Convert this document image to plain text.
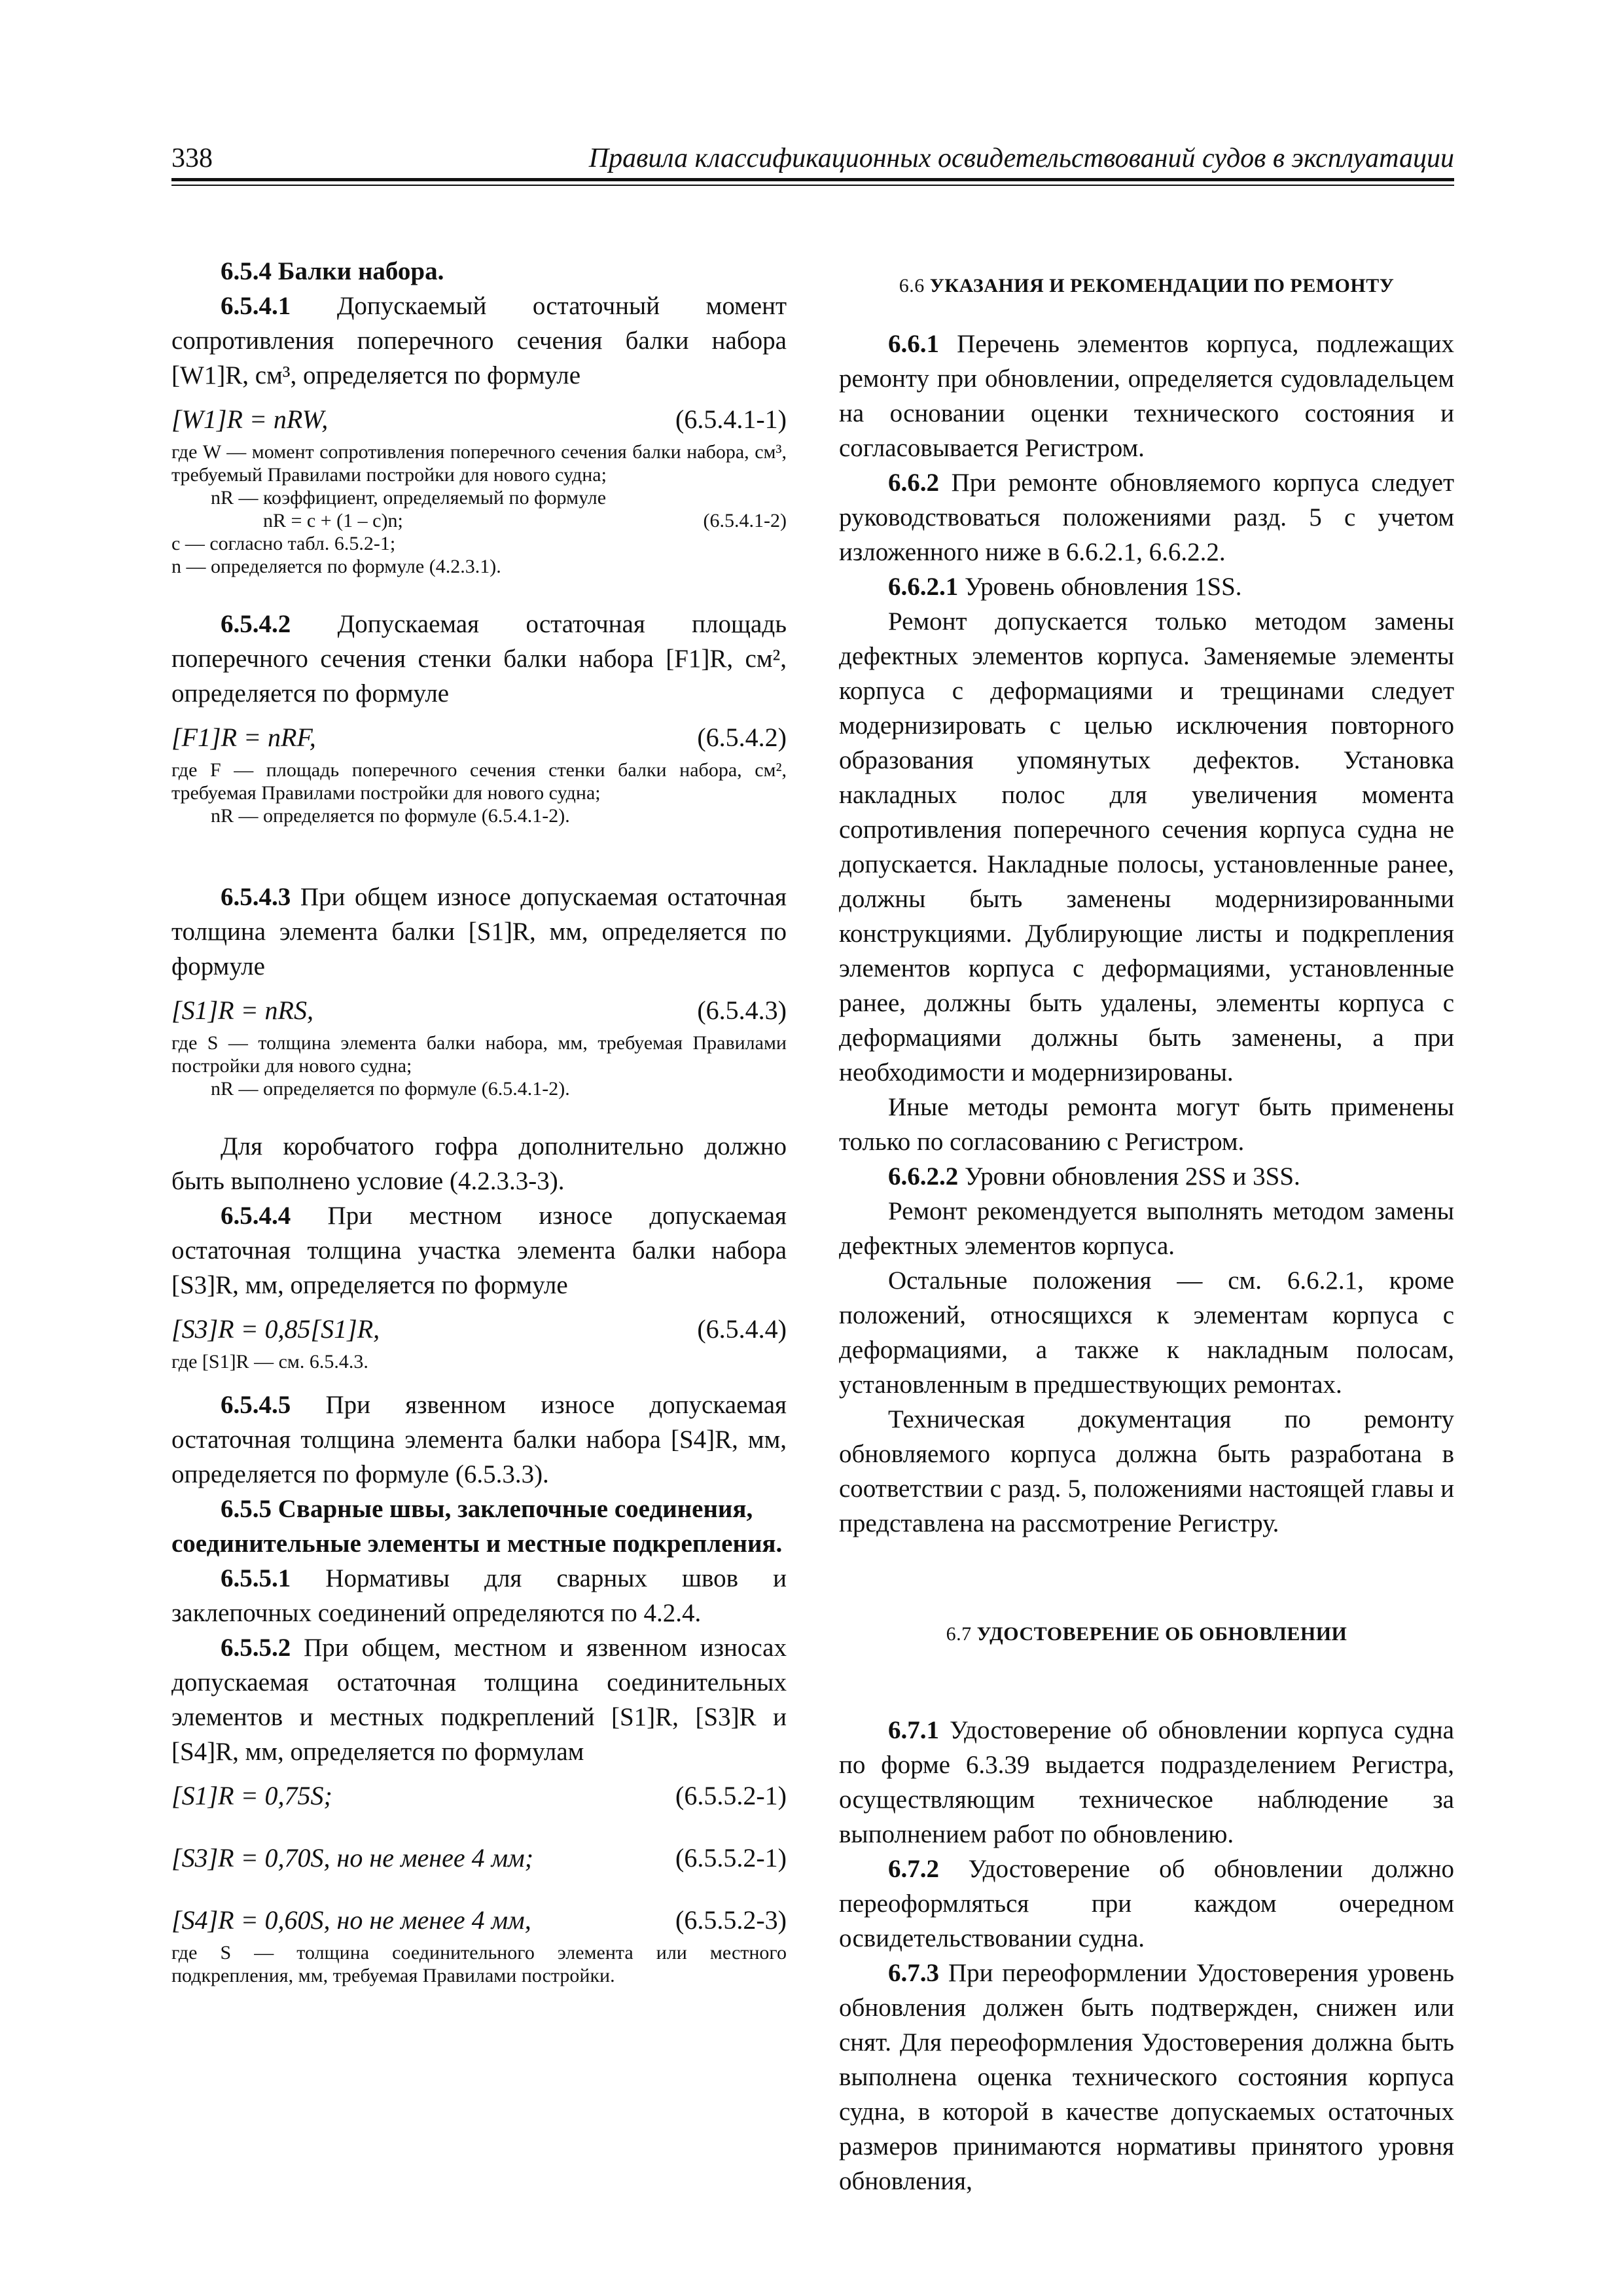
338	Правила классификационных освидетельствований судов в эксплуатации

6.5.4 Балки набора.

6.5.4.1 Допускаемый остаточный момент сопротивления поперечного сечения балки набора [W1]R, см³, определяется по формуле

[W1]R = nRW,	(6.5.4.1-1)
где W — момент сопротивления поперечного сечения балки набора, см³, требуемый Правилами постройки для нового судна;
nR — коэффициент, определяемый по формуле
nR = c + (1 – c)n;	(6.5.4.1-2)
c — согласно табл. 6.5.2-1;
n — определяется по формуле (4.2.3.1).

6.5.4.2 Допускаемая остаточная площадь поперечного сечения стенки балки набора [F1]R, см², определяется по формуле

[F1]R = nRF,	(6.5.4.2)
где F — площадь поперечного сечения стенки балки набора, см², требуемая Правилами постройки для нового судна;
nR — определяется по формуле (6.5.4.1-2).

6.5.4.3 При общем износе допускаемая остаточная толщина элемента балки [S1]R, мм, определяется по формуле

[S1]R = nRS,	(6.5.4.3)
где S — толщина элемента балки набора, мм, требуемая Правилами постройки для нового судна;
nR — определяется по формуле (6.5.4.1-2).

Для коробчатого гофра дополнительно должно быть выполнено условие (4.2.3.3-3).

6.5.4.4 При местном износе допускаемая остаточная толщина участка элемента балки набора [S3]R, мм, определяется по формуле

[S3]R = 0,85[S1]R,	(6.5.4.4)
где [S1]R — см. 6.5.4.3.

6.5.4.5 При язвенном износе допускаемая остаточная толщина элемента балки набора [S4]R, мм, определяется по формуле (6.5.3.3).

6.5.5 Сварные швы, заклепочные соединения, соединительные элементы и местные подкрепления.

6.5.5.1 Нормативы для сварных швов и заклепочных соединений определяются по 4.2.4.

6.5.5.2 При общем, местном и язвенном износах допускаемая остаточная толщина соединительных элементов и местных подкреплений [S1]R, [S3]R и [S4]R, мм, определяется по формулам

[S1]R = 0,75S;	(6.5.5.2-1)
[S3]R = 0,70S, но не менее 4 мм;	(6.5.5.2-1)
[S4]R = 0,60S, но не менее 4 мм,	(6.5.5.2-3)
где S — толщина соединительного элемента или местного подкрепления, мм, требуемая Правилами постройки.

6.6 УКАЗАНИЯ И РЕКОМЕНДАЦИИ ПО РЕМОНТУ

6.6.1 Перечень элементов корпуса, подлежащих ремонту при обновлении, определяется судовладельцем на основании оценки технического состояния и согласовывается Регистром.

6.6.2 При ремонте обновляемого корпуса следует руководствоваться положениями разд. 5 с учетом изложенного ниже в 6.6.2.1, 6.6.2.2.

6.6.2.1 Уровень обновления 1SS.

Ремонт допускается только методом замены дефектных элементов корпуса. Заменяемые элементы корпуса с деформациями и трещинами следует модернизировать с целью исключения повторного образования упомянутых дефектов. Установка накладных полос для увеличения момента сопротивления поперечного сечения корпуса судна не допускается. Накладные полосы, установленные ранее, должны быть заменены модернизированными конструкциями. Дублирующие листы и подкрепления элементов корпуса с деформациями, установленные ранее, должны быть удалены, элементы корпуса с деформациями должны быть заменены, а при необходимости и модернизированы.

Иные методы ремонта могут быть применены только по согласованию с Регистром.

6.6.2.2 Уровни обновления 2SS и 3SS.

Ремонт рекомендуется выполнять методом замены дефектных элементов корпуса.

Остальные положения — см. 6.6.2.1, кроме положений, относящихся к элементам корпуса с деформациями, а также к накладным полосам, установленным в предшествующих ремонтах.

Техническая документация по ремонту обновляемого корпуса должна быть разработана в соответствии с разд. 5, положениями настоящей главы и представлена на рассмотрение Регистру.

6.7 УДОСТОВЕРЕНИЕ ОБ ОБНОВЛЕНИИ

6.7.1 Удостоверение об обновлении корпуса судна по форме 6.3.39 выдается подразделением Регистра, осуществляющим техническое наблюдение за выполнением работ по обновлению.

6.7.2 Удостоверение об обновлении должно переоформляться при каждом очередном освидетельствовании судна.

6.7.3 При переоформлении Удостоверения уровень обновления должен быть подтвержден, снижен или снят. Для переоформления Удостоверения должна быть выполнена оценка технического состояния корпуса судна, в которой в качестве допускаемых остаточных размеров принимаются нормативы принятого уровня обновления,
